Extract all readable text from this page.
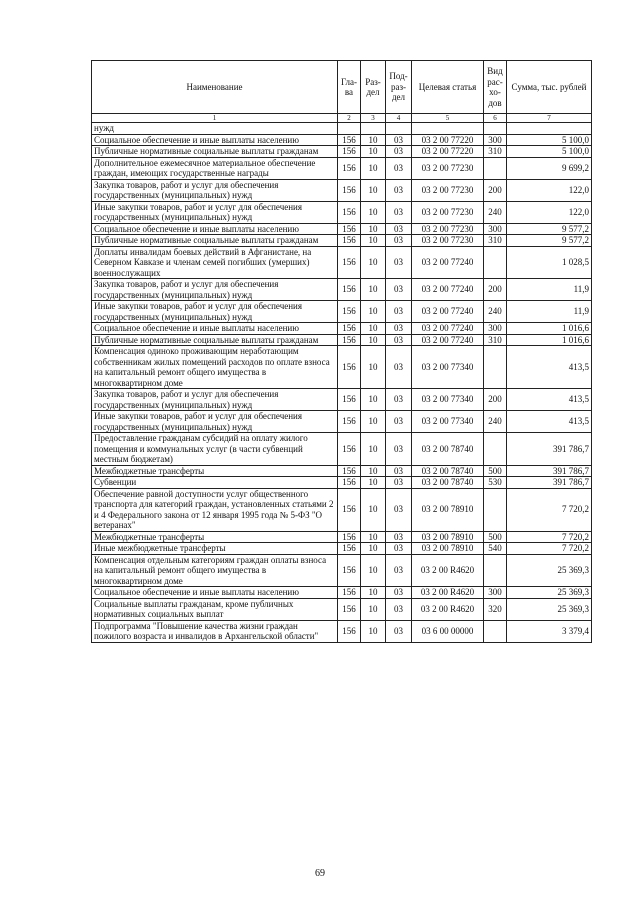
Наименование	Гла-ва	Раз-дел	Под-раз-дел	Целевая статья	Вид рас-хо-дов	Сумма, тыс. рублей
1	2	3	4	5	6	7
нужд						
Социальное обеспечение и иные выплаты населению	156	10	03	03 2 00 77220	300	5 100,0
Публичные нормативные социальные выплаты гражданам	156	10	03	03 2 00 77220	310	5 100,0
Дополнительное ежемесячное материальное обеспечение граждан, имеющих государственные награды	156	10	03	03 2 00 77230		9 699,2
Закупка товаров, работ и услуг для обеспечения государственных (муниципальных) нужд	156	10	03	03 2 00 77230	200	122,0
Иные закупки товаров, работ и услуг для обеспечения государственных (муниципальных) нужд	156	10	03	03 2 00 77230	240	122,0
Социальное обеспечение и иные выплаты населению	156	10	03	03 2 00 77230	300	9 577,2
Публичные нормативные социальные выплаты гражданам	156	10	03	03 2 00 77230	310	9 577,2
Доплаты инвалидам боевых действий в Афганистане, на Северном Кавказе и членам семей погибших (умерших) военнослужащих	156	10	03	03 2 00 77240		1 028,5
Закупка товаров, работ и услуг для обеспечения государственных (муниципальных) нужд	156	10	03	03 2 00 77240	200	11,9
Иные закупки товаров, работ и услуг для обеспечения государственных (муниципальных) нужд	156	10	03	03 2 00 77240	240	11,9
Социальное обеспечение и иные выплаты населению	156	10	03	03 2 00 77240	300	1 016,6
Публичные нормативные социальные выплаты гражданам	156	10	03	03 2 00 77240	310	1 016,6
Компенсация одиноко проживающим неработающим собственникам жилых помещений расходов по оплате взноса на капитальный ремонт общего имущества в многоквартирном доме	156	10	03	03 2 00 77340		413,5
Закупка товаров, работ и услуг для обеспечения государственных (муниципальных) нужд	156	10	03	03 2 00 77340	200	413,5
Иные закупки товаров, работ и услуг для обеспечения государственных (муниципальных) нужд	156	10	03	03 2 00 77340	240	413,5
Предоставление гражданам субсидий на оплату жилого помещения и коммунальных услуг (в части субвенций местным бюджетам)	156	10	03	03 2 00 78740		391 786,7
Межбюджетные трансферты	156	10	03	03 2 00 78740	500	391 786,7
Субвенции	156	10	03	03 2 00 78740	530	391 786,7
Обеспечение равной доступности услуг общественного транспорта для категорий граждан, установленных статьями 2 и 4 Федерального закона от 12 января 1995 года № 5-ФЗ "О ветеранах"	156	10	03	03 2 00 78910		7 720,2
Межбюджетные трансферты	156	10	03	03 2 00 78910	500	7 720,2
Иные межбюджетные трансферты	156	10	03	03 2 00 78910	540	7 720,2
Компенсация отдельным категориям граждан оплаты взноса на капитальный ремонт общего имущества в многоквартирном доме	156	10	03	03 2 00 R4620		25 369,3
Социальное обеспечение и иные выплаты населению	156	10	03	03 2 00 R4620	300	25 369,3
Социальные выплаты гражданам, кроме публичных нормативных социальных выплат	156	10	03	03 2 00 R4620	320	25 369,3
Подпрограмма "Повышение качества жизни граждан пожилого возраста и инвалидов в Архангельской области"	156	10	03	03 6 00 00000		3 379,4
69
